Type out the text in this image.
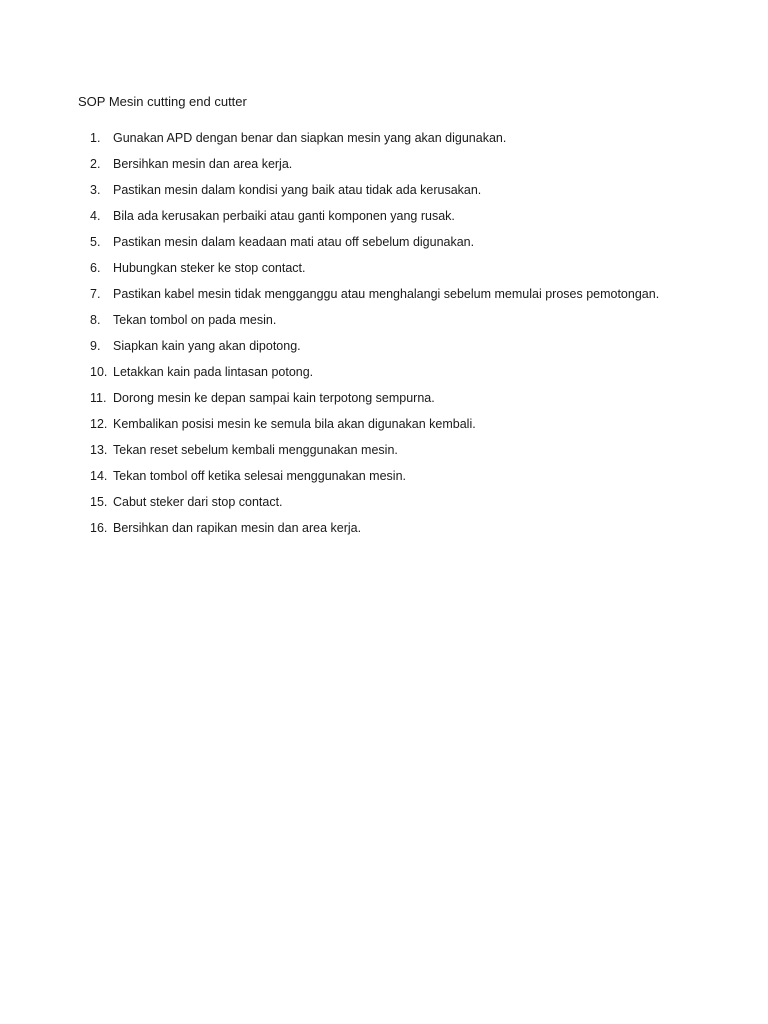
SOP Mesin cutting end cutter
1.	Gunakan APD dengan benar dan siapkan mesin yang akan digunakan.
2.	Bersihkan mesin dan area kerja.
3.	Pastikan mesin dalam kondisi yang baik atau tidak ada kerusakan.
4.	Bila ada kerusakan perbaiki atau ganti komponen yang rusak.
5.	Pastikan mesin dalam keadaan mati atau off sebelum digunakan.
6.	Hubungkan steker ke stop contact.
7.	Pastikan kabel mesin tidak mengganggu atau menghalangi sebelum memulai proses pemotongan.
8.	Tekan tombol on pada mesin.
9.	Siapkan kain yang akan dipotong.
10. Letakkan kain pada lintasan potong.
11. Dorong mesin ke depan sampai kain terpotong sempurna.
12. Kembalikan posisi mesin ke semula bila akan digunakan kembali.
13. Tekan reset sebelum kembali menggunakan mesin.
14. Tekan tombol off ketika selesai menggunakan mesin.
15. Cabut steker dari stop contact.
16. Bersihkan dan rapikan mesin dan area kerja.
